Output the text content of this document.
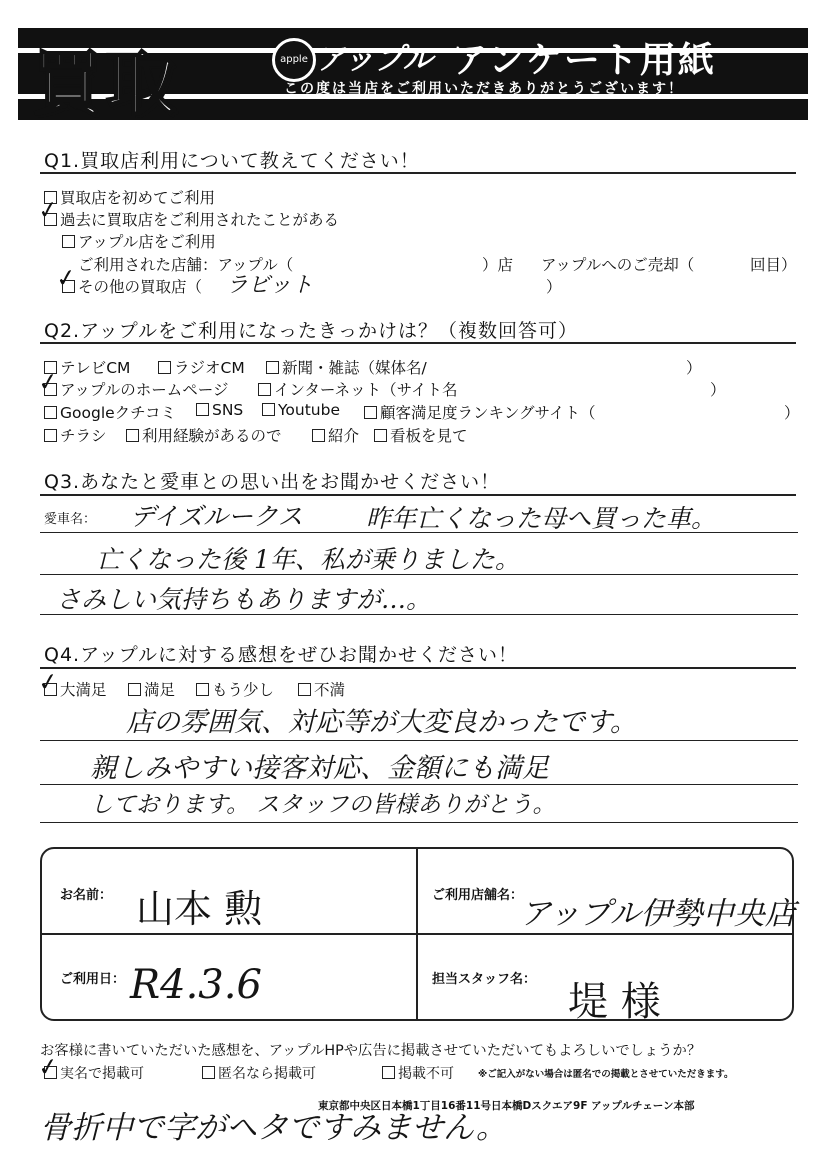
買取	apple アップル アンケート用紙
この度は当店をご利用いただきありがとうございます！
Q1.買取店利用について教えてください！
買取店を初めてご利用
過去に買取店をご利用されたことがある
✓
アップル店をご利用
ご利用された店舗：アップル（	）店 アップルへのご売却（	回目）
その他の買取店（	）
✓	ラビット
Q2.アップルをご利用になったきっかけは？（複数回答可）
テレビCM	ラジオCM	新聞・雑誌（媒体名/	）
アップルのホームページ
✓	インターネット（サイト名	）
Googleクチコミ	SNS	Youtube	顧客満足度ランキングサイト（	）
チラシ	利用経験があるので	紹介	看板を見て
Q3.あなたと愛車との思い出をお聞かせください！
愛車名： デイズルークス	昨年亡くなった母へ買った車。
亡くなった後 1年、私が乗りました。
さみしい気持ちもありますが…。
Q4.アップルに対する感想をぜひお聞かせください！
大満足
✓	満足	もう少し	不満
店の雰囲気、対応等が大変良かったです。
親しみやすい接客対応、金額にも満足
しております。 スタッフの皆様ありがとう。
お名前： 山本 勲	ご利用店舗名：
アップル伊勢中央店
ご利用日： R4.3.6	担当スタッフ名： 堤 様
お客様に書いていただいた感想を、アップルHPや広告に掲載させていただいてもよろしいでしょうか？
実名で掲載可
✓	匿名なら掲載可	掲載不可	※ご記入がない場合は匿名での掲載とさせていただきます。
東京都中央区日本橋1丁目16番11号日本橋Dスクエア9F アップルチェーン本部
骨折中で字がヘタですみません。
